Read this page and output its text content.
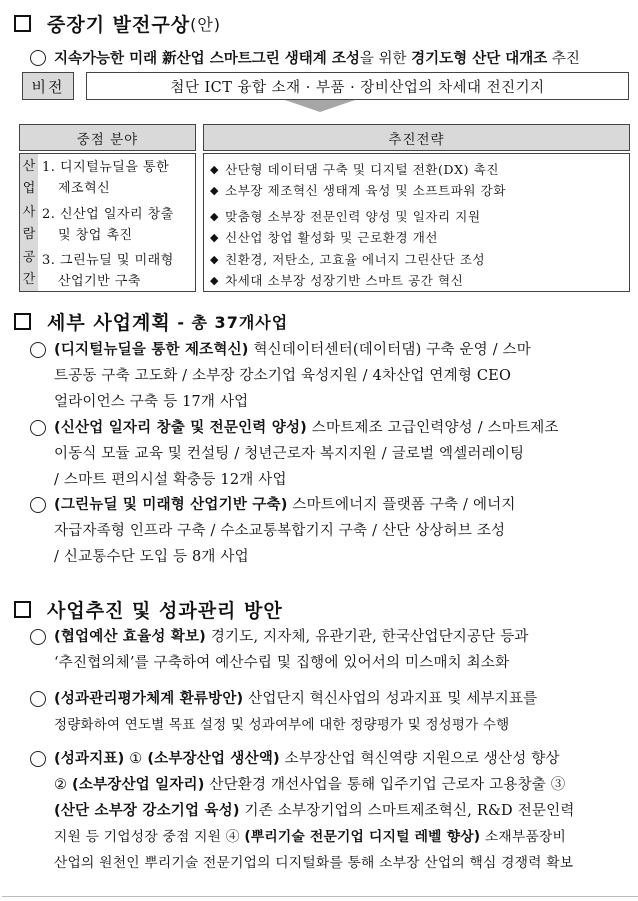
중장기 발전구상 (안)
지속가능한 미래 新산업 스마트그린 생태계 조성 을 위한 경기도형 산단 대개조 추진
비전	첨단 ICT 융합 소재 · 부품 · 장비산업의 차세대 전진기지
중점 분야	추진전략
산
업
1. 디지털뉴딜을 통한
제조혁신
사
람
2. 신산업 일자리 창출
및 창업 촉진
공
간
3. 그린뉴딜 및 미래형
산업기반 구축
◆ 산단형 데이터댐 구축 및 디지털 전환(DX) 촉진
◆ 소부장 제조혁신 생태계 육성 및 소프트파워 강화
◆ 맞춤형 소부장 전문인력 양성 및 일자리 지원
◆ 신산업 창업 활성화 및 근로환경 개선
◆ 친환경, 저탄소, 고효율 에너지 그린산단 조성
◆ 차세대 소부장 성장기반 스마트 공간 혁신
세부 사업계획 - 총 37개사업
(디지털뉴딜을 통한 제조혁신) 혁신데이터센터(데이터댐) 구축 운영 / 스마
트공동 구축 고도화 / 소부장 강소기업 육성지원 / 4차산업 연계형 CEO
얼라이언스 구축 등 17개 사업
(신산업 일자리 창출 및 전문인력 양성) 스마트제조 고급인력양성 / 스마트제조
이동식 모듈 교육 및 컨설팅 / 청년근로자 복지지원 / 글로벌 엑셀러레이팅
/ 스마트 편의시설 확충등 12개 사업
(그린뉴딜 및 미래형 산업기반 구축) 스마트에너지 플랫폼 구축 / 에너지
자급자족형 인프라 구축 / 수소교통복합기지 구축 / 산단 상상허브 조성
/ 신교통수단 도입 등 8개 사업
사업추진 및 성과관리 방안
(협업예산 효율성 확보) 경기도, 지자체, 유관기관, 한국산업단지공단 등과
‘추진협의체’를 구축하여 예산수립 및 집행에 있어서의 미스매치 최소화
(성과관리평가체계 환류방안) 산업단지 혁신사업의 성과지표 및 세부지표를
정량화하여 연도별 목표 설정 및 성과여부에 대한 정량평가 및 정성평가 수행
(성과지표) ① (소부장산업 생산액) 소부장산업 혁신역량 지원으로 생산성 향상
② (소부장산업 일자리) 산단환경 개선사업을 통해 입주기업 근로자 고용창출 ③
(산단 소부장 강소기업 육성) 기존 소부장기업의 스마트제조혁신, R&D 전문인력
지원 등 기업성장 중점 지원 ④ (뿌리기술 전문기업 디지털 레벨 향상) 소재부품장비
산업의 원천인 뿌리기술 전문기업의 디지털화를 통해 소부장 산업의 핵심 경쟁력 확보
